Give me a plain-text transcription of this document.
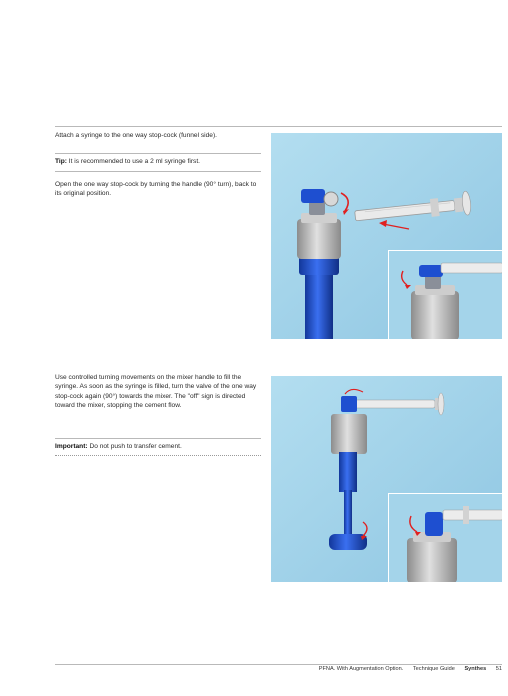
Attach a syringe to the one way stop-cock (funnel side).
Tip: It is recommended to use a 2 ml syringe first.
Open the one way stop-cock by turning the handle (90° turn), back to its original position.
Use controlled turning movements on the mixer handle to fill the syringe. As soon as the syringe is filled, turn the valve of the one way stop-cock again (90°) towards the mixer. The "off" sign is directed toward the mixer, stopping the cement flow.
Important: Do not push to transfer cement.
PFNA. With Augmentation Option. Technique Guide Synthes 51
